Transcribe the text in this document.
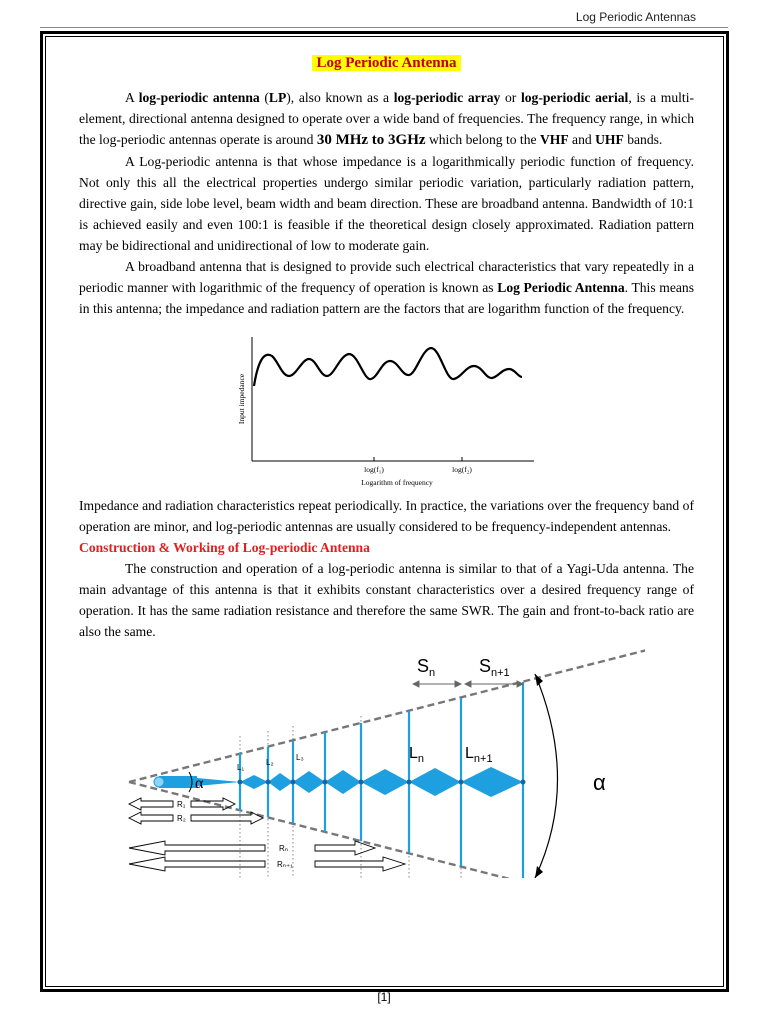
Log Periodic Antennas
Log Periodic Antenna

A log-periodic antenna (LP), also known as a log-periodic array or log-periodic aerial, is a multi-element, directional antenna designed to operate over a wide band of frequencies. The frequency range, in which the log-periodic antennas operate is around 30 MHz to 3GHz which belong to the VHF and UHF bands.

A Log-periodic antenna is that whose impedance is a logarithmically periodic function of frequency. Not only this all the electrical properties undergo similar periodic variation, particularly radiation pattern, directive gain, side lobe level, beam width and beam direction. These are broadband antenna. Bandwidth of 10:1 is achieved easily and even 100:1 is feasible if the theoretical design closely approximated. Radiation pattern may be bidirectional and unidirectional of low to moderate gain.

A broadband antenna that is designed to provide such electrical characteristics that vary repeatedly in a periodic manner with logarithmic of the frequency of operation is known as Log Periodic Antenna. This means in this antenna; the impedance and radiation pattern are the factors that are logarithm function of the frequency.

Input impedance
log(f₁)	log(f₂)
Logarithm of frequency

Impedance and radiation characteristics repeat periodically. In practice, the variations over the frequency band of operation are minor, and log-periodic antennas are usually considered to be frequency-independent antennas.

Construction & Working of Log-periodic Antenna

The construction and operation of a log-periodic antenna is similar to that of a Yagi-Uda antenna. The main advantage of this antenna is that it exhibits constant characteristics over a desired frequency range of operation. It has the same radiation resistance and therefore the same SWR. The gain and front-to-back ratio are also the same.

α
L₁
L₂
L₃	$L_n$	$L_{n+1}$
$S_n$ $S_{n+1}$
α
R₁
R₂
Rₙ
Rₙ₊₁
[1]
